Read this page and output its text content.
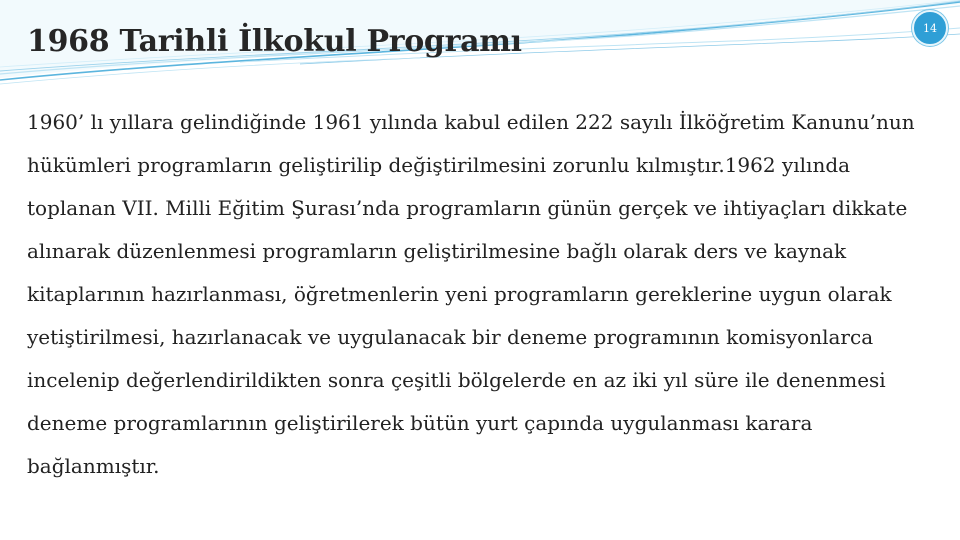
1968 Tarihli İlkokul Programı	14

1960’ lı yıllara gelindiğinde 1961 yılında kabul edilen 222 sayılı İlköğretim Kanunu’nun hükümleri programların geliştirilip değiştirilmesini zorunlu kılmıştır.1962 yılında toplanan VII. Milli Eğitim Şurası’nda programların günün gerçek ve ihtiyaçları dikkate alınarak düzenlenmesi programların geliştirilmesine bağlı olarak ders ve kaynak kitaplarının hazırlanması, öğretmenlerin yeni programların gereklerine uygun olarak yetiştirilmesi, hazırlanacak ve uygulanacak bir deneme programının komisyonlarca incelenip değerlendirildikten sonra çeşitli bölgelerde en az iki yıl süre ile denenmesi deneme programlarının geliştirilerek bütün yurt çapında uygulanması karara bağlanmıştır.
